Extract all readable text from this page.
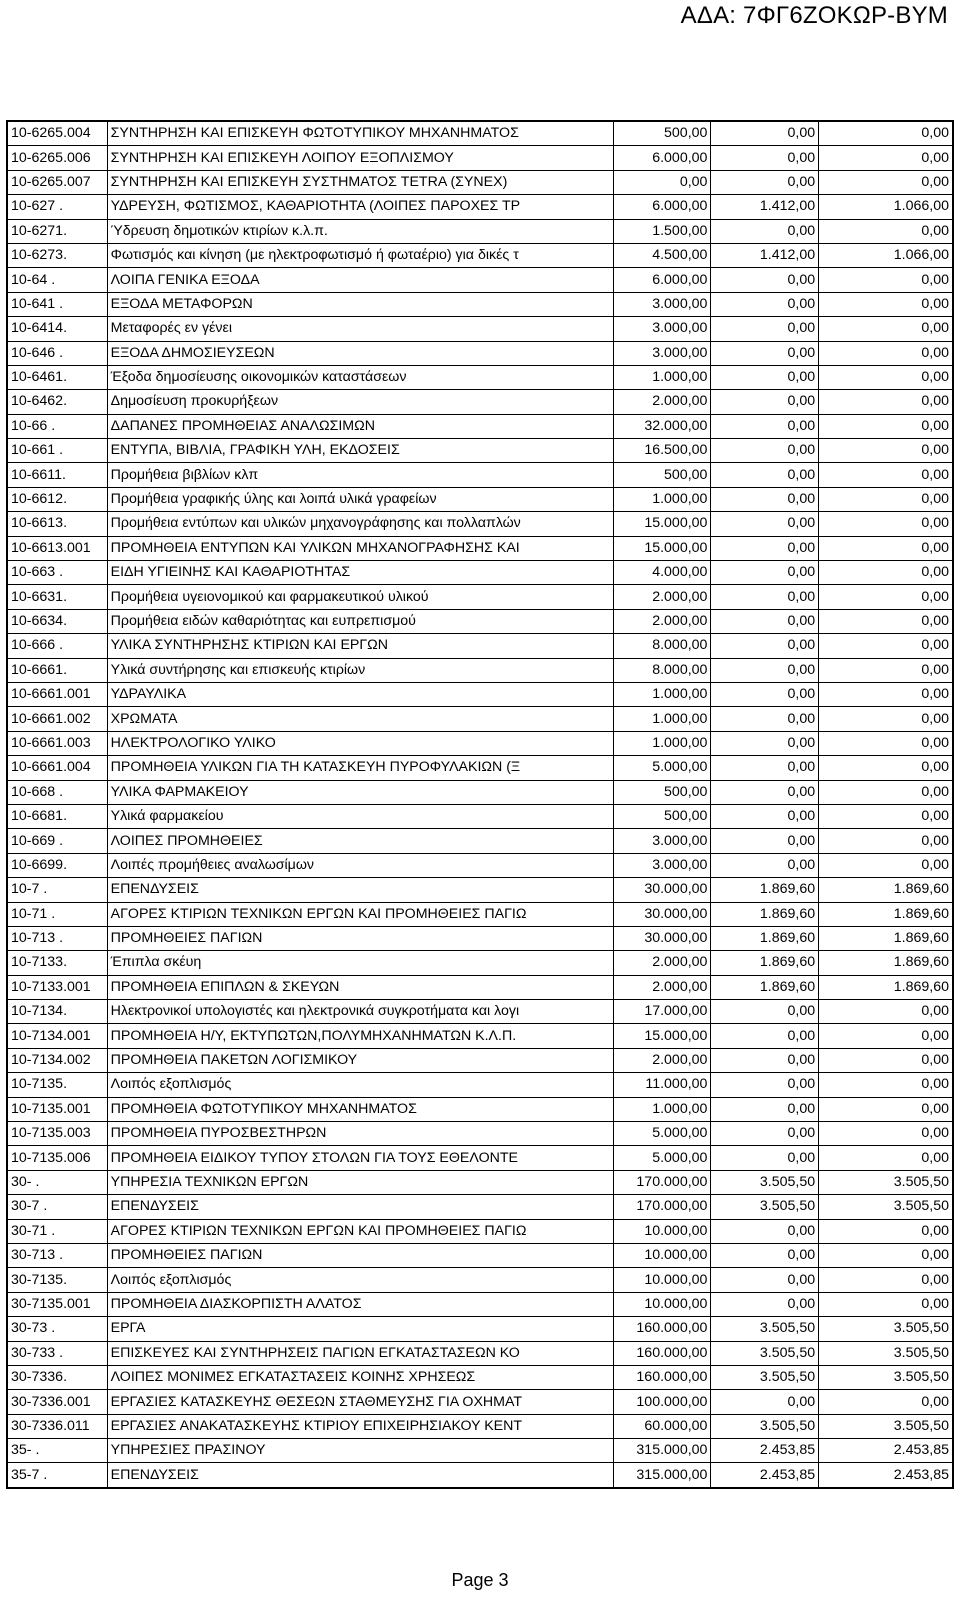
ΑΔΑ: 7ΦΓ6ΖΟΚΩΡ-ΒΥΜ
10-6265.004	ΣΥΝΤΗΡΗΣΗ ΚΑΙ ΕΠΙΣΚΕΥΗ ΦΩΤΟΤΥΠΙΚΟΥ ΜΗΧΑΝΗΜΑΤΟΣ	500,00	0,00	0,00
10-6265.006	ΣΥΝΤΗΡΗΣΗ ΚΑΙ ΕΠΙΣΚΕΥΗ ΛΟΙΠΟΥ ΕΞΟΠΛΙΣΜΟΥ	6.000,00	0,00	0,00
10-6265.007	ΣΥΝΤΗΡΗΣΗ ΚΑΙ ΕΠΙΣΚΕΥΗ ΣΥΣΤΗΜΑΤΟΣ TETRA (ΣΥΝΕΧ)	0,00	0,00	0,00
10-627 .	ΥΔΡΕΥΣΗ, ΦΩΤΙΣΜΟΣ, ΚΑΘΑΡΙΟΤΗΤΑ (ΛΟΙΠΕΣ ΠΑΡΟΧΕΣ ΤΡ	6.000,00	1.412,00	1.066,00
10-6271.	Ύδρευση δημοτικών κτιρίων κ.λ.π.	1.500,00	0,00	0,00
10-6273.	Φωτισμός και κίνηση (με ηλεκτροφωτισμό ή φωταέριο) για δικές τ	4.500,00	1.412,00	1.066,00
10-64 .	ΛΟΙΠΑ ΓΕΝΙΚΑ ΕΞΟΔΑ	6.000,00	0,00	0,00
10-641 .	ΕΞΟΔΑ ΜΕΤΑΦΟΡΩΝ	3.000,00	0,00	0,00
10-6414.	Μεταφορές εν γένει	3.000,00	0,00	0,00
10-646 .	ΕΞΟΔΑ ΔΗΜΟΣΙΕΥΣΕΩΝ	3.000,00	0,00	0,00
10-6461.	Έξοδα δημοσίευσης οικονομικών καταστάσεων	1.000,00	0,00	0,00
10-6462.	Δημοσίευση προκυρήξεων	2.000,00	0,00	0,00
10-66 .	ΔΑΠΑΝΕΣ ΠΡΟΜΗΘΕΙΑΣ ΑΝΑΛΩΣΙΜΩΝ	32.000,00	0,00	0,00
10-661 .	ΕΝΤΥΠΑ, ΒΙΒΛΙΑ, ΓΡΑΦΙΚΗ ΥΛΗ, ΕΚΔΟΣΕΙΣ	16.500,00	0,00	0,00
10-6611.	Προμήθεια βιβλίων κλπ	500,00	0,00	0,00
10-6612.	Προμήθεια γραφικής ύλης και λοιπά υλικά γραφείων	1.000,00	0,00	0,00
10-6613.	Προμήθεια εντύπων και υλικών μηχανογράφησης και πολλαπλών	15.000,00	0,00	0,00
10-6613.001	ΠΡΟΜΗΘΕΙΑ ΕΝΤΥΠΩΝ ΚΑΙ ΥΛΙΚΩΝ ΜΗΧΑΝΟΓΡΑΦΗΣΗΣ ΚΑΙ	15.000,00	0,00	0,00
10-663 .	ΕΙΔΗ ΥΓΙΕΙΝΗΣ ΚΑΙ ΚΑΘΑΡΙΟΤΗΤΑΣ	4.000,00	0,00	0,00
10-6631.	Προμήθεια υγειονομικού και φαρμακευτικού υλικού	2.000,00	0,00	0,00
10-6634.	Προμήθεια ειδών καθαριότητας και ευπρεπισμού	2.000,00	0,00	0,00
10-666 .	ΥΛΙΚΑ ΣΥΝΤΗΡΗΣΗΣ ΚΤΙΡΙΩΝ ΚΑΙ ΕΡΓΩΝ	8.000,00	0,00	0,00
10-6661.	Υλικά συντήρησης και επισκευής κτιρίων	8.000,00	0,00	0,00
10-6661.001	ΥΔΡΑΥΛΙΚΑ	1.000,00	0,00	0,00
10-6661.002	ΧΡΩΜΑΤΑ	1.000,00	0,00	0,00
10-6661.003	ΗΛΕΚΤΡΟΛΟΓΙΚΟ ΥΛΙΚΟ	1.000,00	0,00	0,00
10-6661.004	ΠΡΟΜΗΘΕΙΑ ΥΛΙΚΩΝ ΓΙΑ ΤΗ ΚΑΤΑΣΚΕΥΗ ΠΥΡΟΦΥΛΑΚΙΩΝ (Ξ	5.000,00	0,00	0,00
10-668 .	ΥΛΙΚΑ ΦΑΡΜΑΚΕΙΟΥ	500,00	0,00	0,00
10-6681.	Υλικά φαρμακείου	500,00	0,00	0,00
10-669 .	ΛΟΙΠΕΣ ΠΡΟΜΗΘΕΙΕΣ	3.000,00	0,00	0,00
10-6699.	Λοιπές προμήθειες αναλωσίμων	3.000,00	0,00	0,00
10-7 .	ΕΠΕΝΔΥΣΕΙΣ	30.000,00	1.869,60	1.869,60
10-71 .	ΑΓΟΡΕΣ ΚΤΙΡΙΩΝ ΤΕΧΝΙΚΩΝ ΕΡΓΩΝ ΚΑΙ ΠΡΟΜΗΘΕΙΕΣ ΠΑΓΙΩ	30.000,00	1.869,60	1.869,60
10-713 .	ΠΡΟΜΗΘΕΙΕΣ ΠΑΓΙΩΝ	30.000,00	1.869,60	1.869,60
10-7133.	Έπιπλα σκέυη	2.000,00	1.869,60	1.869,60
10-7133.001	ΠΡΟΜΗΘΕΙΑ ΕΠΙΠΛΩΝ & ΣΚΕΥΩΝ	2.000,00	1.869,60	1.869,60
10-7134.	Ηλεκτρονικοί υπολογιστές και ηλεκτρονικά συγκροτήματα και λογι	17.000,00	0,00	0,00
10-7134.001	ΠΡΟΜΗΘΕΙΑ Η/Υ, ΕΚΤΥΠΩΤΩΝ,ΠΟΛΥΜΗΧΑΝΗΜΑΤΩΝ Κ.Λ.Π.	15.000,00	0,00	0,00
10-7134.002	ΠΡΟΜΗΘΕΙΑ ΠΑΚΕΤΩΝ ΛΟΓΙΣΜΙΚΟΥ	2.000,00	0,00	0,00
10-7135.	Λοιπός εξοπλισμός	11.000,00	0,00	0,00
10-7135.001	ΠΡΟΜΗΘΕΙΑ ΦΩΤΟΤΥΠΙΚΟΥ ΜΗΧΑΝΗΜΑΤΟΣ	1.000,00	0,00	0,00
10-7135.003	ΠΡΟΜΗΘΕΙΑ ΠΥΡΟΣΒΕΣΤΗΡΩΝ	5.000,00	0,00	0,00
10-7135.006	ΠΡΟΜΗΘΕΙΑ ΕΙΔΙΚΟΥ ΤΥΠΟΥ ΣΤΟΛΩΝ ΓΙΑ ΤΟΥΣ ΕΘΕΛΟΝΤΕ	5.000,00	0,00	0,00
30- .	ΥΠΗΡΕΣΙΑ ΤΕΧΝΙΚΩΝ ΕΡΓΩΝ	170.000,00	3.505,50	3.505,50
30-7 .	ΕΠΕΝΔΥΣΕΙΣ	170.000,00	3.505,50	3.505,50
30-71 .	ΑΓΟΡΕΣ ΚΤΙΡΙΩΝ ΤΕΧΝΙΚΩΝ ΕΡΓΩΝ ΚΑΙ ΠΡΟΜΗΘΕΙΕΣ ΠΑΓΙΩ	10.000,00	0,00	0,00
30-713 .	ΠΡΟΜΗΘΕΙΕΣ ΠΑΓΙΩΝ	10.000,00	0,00	0,00
30-7135.	Λοιπός εξοπλισμός	10.000,00	0,00	0,00
30-7135.001	ΠΡΟΜΗΘΕΙΑ ΔΙΑΣΚΟΡΠΙΣΤΗ ΑΛΑΤΟΣ	10.000,00	0,00	0,00
30-73 .	ΕΡΓΑ	160.000,00	3.505,50	3.505,50
30-733 .	ΕΠΙΣΚΕΥΕΣ ΚΑΙ ΣΥΝΤΗΡΗΣΕΙΣ ΠΑΓΙΩΝ ΕΓΚΑΤΑΣΤΑΣΕΩΝ ΚΟ	160.000,00	3.505,50	3.505,50
30-7336.	ΛΟΙΠΕΣ ΜΟΝΙΜΕΣ ΕΓΚΑΤΑΣΤΑΣΕΙΣ ΚΟΙΝΗΣ ΧΡΗΣΕΩΣ	160.000,00	3.505,50	3.505,50
30-7336.001	ΕΡΓΑΣΙΕΣ ΚΑΤΑΣΚΕΥΗΣ ΘΕΣΕΩΝ ΣΤΑΘΜΕΥΣΗΣ ΓΙΑ ΟΧΗΜΑΤ	100.000,00	0,00	0,00
30-7336.011	ΕΡΓΑΣΙΕΣ ΑΝΑΚΑΤΑΣΚΕΥΗΣ ΚΤΙΡΙΟΥ ΕΠΙΧΕΙΡΗΣΙΑΚΟΥ ΚΕΝΤ	60.000,00	3.505,50	3.505,50
35- .	ΥΠΗΡΕΣΙΕΣ ΠΡΑΣΙΝΟΥ	315.000,00	2.453,85	2.453,85
35-7 .	ΕΠΕΝΔΥΣΕΙΣ	315.000,00	2.453,85	2.453,85
Page 3
